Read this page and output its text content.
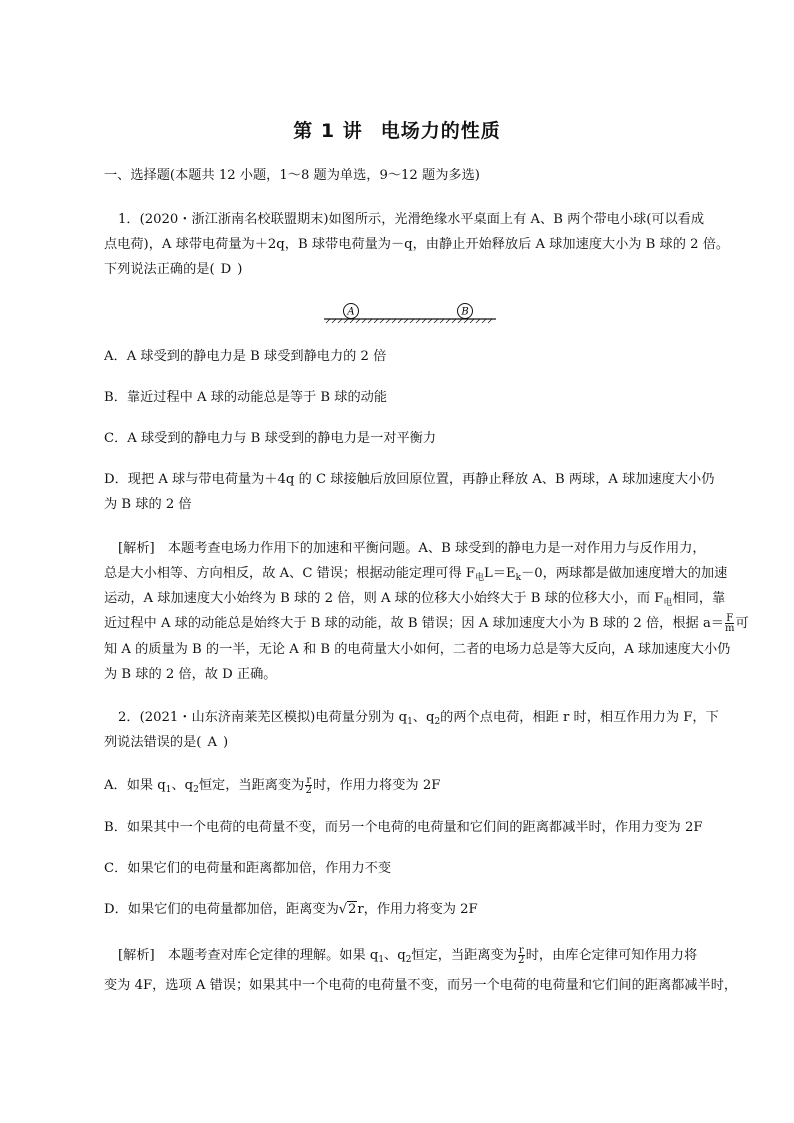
第 1 讲 电场力的性质
一、选择题(本题共 12 小题，1～8 题为单选，9～12 题为多选)
1．(2020・浙江浙南名校联盟期末)如图所示，光滑绝缘水平桌面上有 A、B 两个带电小球(可以看成
点电荷)，A 球带电荷量为＋2q，B 球带电荷量为－q，由静止开始释放后 A 球加速度大小为 B 球的 2 倍。
下列说法正确的是( D )
A	B
A．A 球受到的静电力是 B 球受到静电力的 2 倍
B．靠近过程中 A 球的动能总是等于 B 球的动能
C．A 球受到的静电力与 B 球受到的静电力是一对平衡力
D．现把 A 球与带电荷量为＋4q 的 C 球接触后放回原位置，再静止释放 A、B 两球，A 球加速度大小仍
为 B 球的 2 倍
[解析]　本题考查电场力作用下的加速和平衡问题。A、B 球受到的静电力是一对作用力与反作用力，
总是大小相等、方向相反，故 A、C 错误；根据动能定理可得 $F_电L=E_k-0$，两球都是做加速度增大的加速
运动，A 球加速度大小始终为 B 球的 2 倍，则 A 球的位移大小始终大于 B 球的位移大小，而 $F_电$相同，靠
近过程中 A 球的动能总是始终大于 B 球的动能，故 B 错误；因 A 球加速度大小为 B 球的 2 倍，根据 $a= \frac{F}{m}$ 可
知 A 的质量为 B 的一半，无论 A 和 B 的电荷量大小如何，二者的电场力总是等大反向，A 球加速度大小仍
为 B 球的 2 倍，故 D 正确。
2．(2021・山东济南莱芜区模拟)电荷量分别为 $q_1$、$q_2$的两个点电荷，相距 r 时，相互作用力为 F，下
列说法错误的是( A )
A．如果 $q_1$、$q_2$恒定，当距离变为 $\frac{r}{2}$ 时，作用力将变为 2F
B．如果其中一个电荷的电荷量不变，而另一个电荷的电荷量和它们间的距离都减半时，作用力变为 2F
C．如果它们的电荷量和距离都加倍，作用力不变
D．如果它们的电荷量都加倍，距离变为√2r，作用力将变为 2F
[解析]　本题考查对库仑定律的理解。如果 $q_1$、$q_2$恒定，当距离变为 $\frac{r}{2}$ 时，由库仑定律可知作用力将
变为 4F，选项 A 错误；如果其中一个电荷的电荷量不变，而另一个电荷的电荷量和它们间的距离都减半时，
